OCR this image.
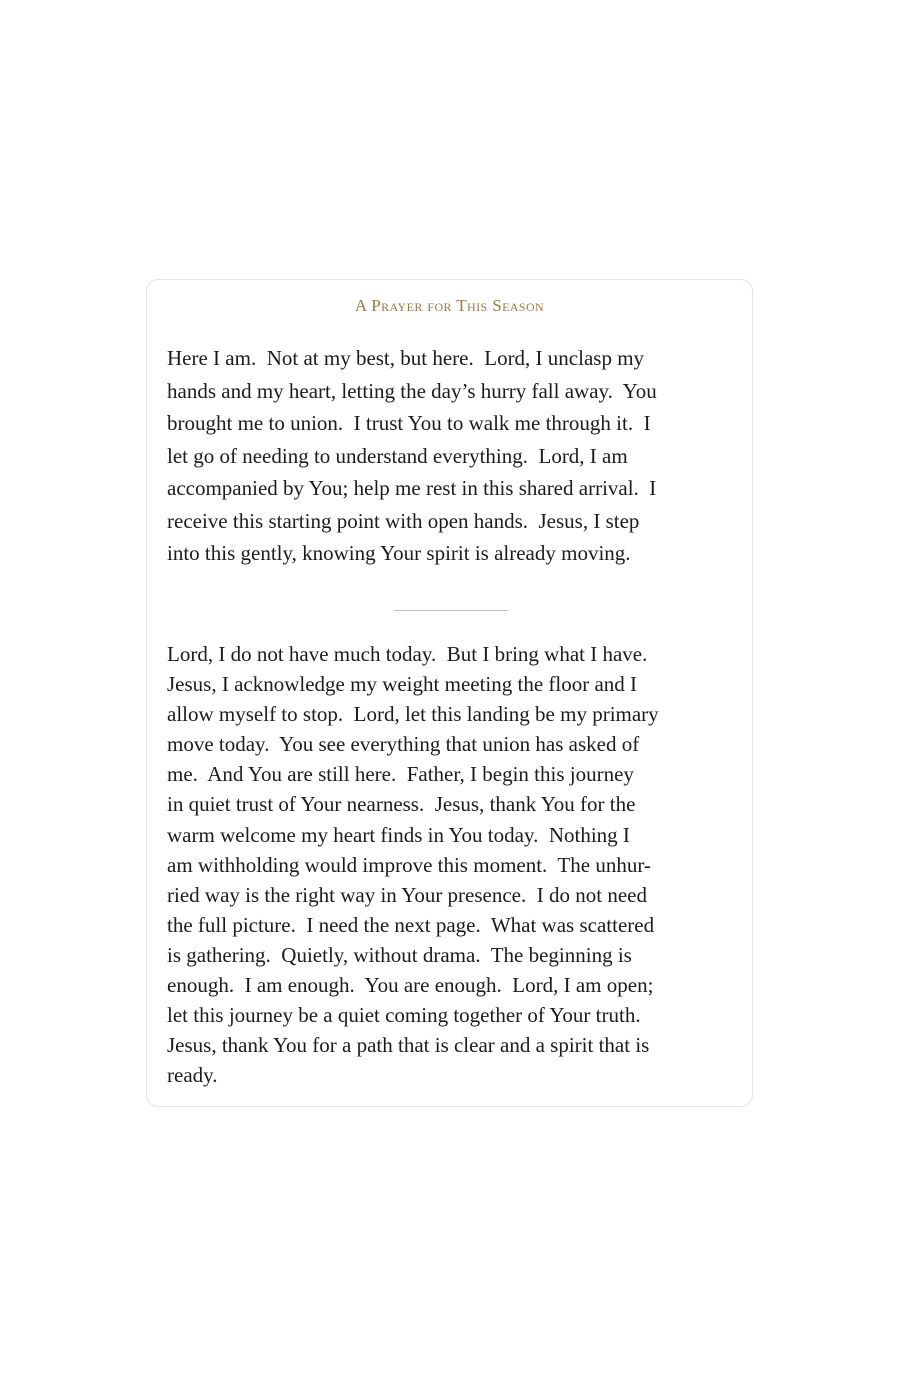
A Prayer for This Season

Here I am.  Not at my best, but here.  Lord, I unclasp my
hands and my heart, letting the day’s hurry fall away.  You
brought me to union.  I trust You to walk me through it.  I
let go of needing to understand everything.  Lord, I am
accompanied by You; help me rest in this shared arrival.  I
receive this starting point with open hands.  Jesus, I step
into this gently, knowing Your spirit is already moving.

Lord, I do not have much today.  But I bring what I have.
Jesus, I acknowledge my weight meeting the floor and I
allow myself to stop.  Lord, let this landing be my primary
move today.  You see everything that union has asked of
me.  And You are still here.  Father, I begin this journey
in quiet trust of Your nearness.  Jesus, thank You for the
warm welcome my heart finds in You today.  Nothing I
am withholding would improve this moment.  The unhur-
ried way is the right way in Your presence.  I do not need
the full picture.  I need the next page.  What was scattered
is gathering.  Quietly, without drama.  The beginning is
enough.  I am enough.  You are enough.  Lord, I am open;
let this journey be a quiet coming together of Your truth.
Jesus, thank You for a path that is clear and a spirit that is
ready.
